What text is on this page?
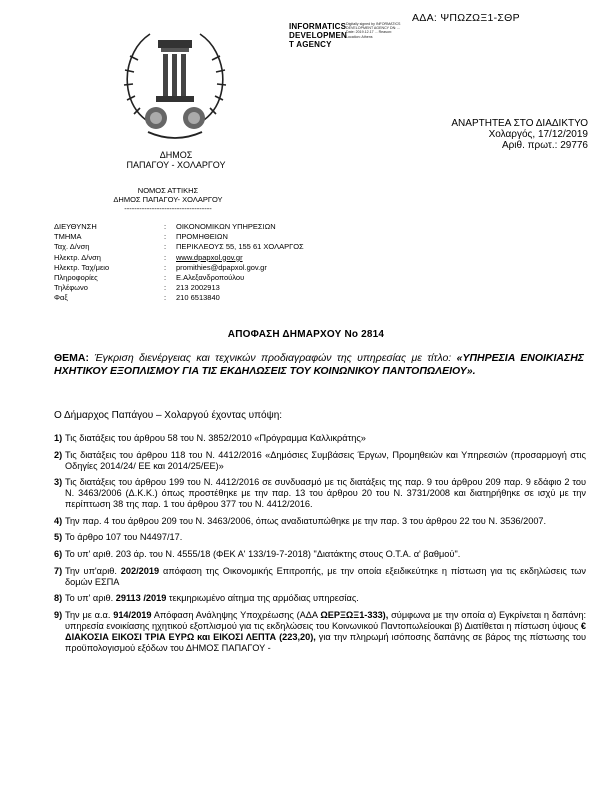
ΑΔΑ: ΨΠΩΖΩΞ1-ΣΘΡ
INFORMATICS
DEVELOPMEN
T AGENCY
Digitally signed by INFORMATICS DEVELOPMENT AGENCY DN: ... Date: 2019.12.17 ... Reason: Location: Athens
ΔΗΜΟΣ
ΠΑΠΑΓΟΥ - ΧΟΛΑΡΓΟΥ
ΑΝΑΡΤΗΤΕΑ ΣΤΟ ΔΙΑΔΙΚΤΥΟ
Χολαργός, 17/12/2019
Αριθ. πρωτ.: 29776
ΝΟΜΟΣ ΑΤΤΙΚΗΣ
ΔΗΜΟΣ ΠΑΠΑΓΟΥ- ΧΟΛΑΡΓΟΥ
-----------------------------------
ΔΙΕΥΘΥΝΣΗ	:	ΟΙΚΟΝΟΜΙΚΩΝ ΥΠΗΡΕΣΙΩΝ
ΤΜΗΜΑ	:	ΠΡΟΜΗΘΕΙΩΝ
Ταχ. Δ/νση	:	ΠΕΡΙΚΛΕΟΥΣ 55, 155 61 ΧΟΛΑΡΓΟΣ
Ηλεκτρ. Δ/νση	:	www.dpapxol.gov.gr
Ηλεκτρ. Ταχ/μειο	:	promithies@dpapxol.gov.gr
Πληροφορίες	:	Ε.Αλεξανδροπούλου
Τηλέφωνο	:	213 2002913
Φαξ	:	210 6513840
ΑΠΟΦΑΣΗ ΔΗΜΑΡΧΟΥ Νο 2814
ΘΕΜΑ: Έγκριση διενέργειας και τεχνικών προδιαγραφών της υπηρεσίας με τίτλο: «ΥΠΗΡΕΣΙΑ ΕΝΟΙΚΙΑΣΗΣ ΗΧΗΤΙΚΟΥ ΕΞΟΠΛΙΣΜΟΥ ΓΙΑ ΤΙΣ ΕΚΔΗΛΩΣΕΙΣ ΤΟΥ ΚΟΙΝΩΝΙΚΟΥ ΠΑΝΤΟΠΩΛΕΙΟΥ».
Ο Δήμαρχος Παπάγου – Χολαργού έχοντας υπόψη:
1) Τις διατάξεις του άρθρου 58 του Ν. 3852/2010 «Πρόγραμμα Καλλικράτης»
2) Τις διατάξεις του άρθρου 118 του Ν. 4412/2016 «Δημόσιες Συμβάσεις Έργων, Προμηθειών και Υπηρεσιών (προσαρμογή στις Οδηγίες 2014/24/ ΕΕ και 2014/25/ΕΕ)»
3) Τις διατάξεις του άρθρου 199 του Ν. 4412/2016 σε συνδυασμό με τις διατάξεις της παρ. 9 του άρθρου 209 παρ. 9 εδάφιο 2 του Ν. 3463/2006 (Δ.Κ.Κ.) όπως προστέθηκε με την παρ. 13 του άρθρου 20 του Ν. 3731/2008 και διατηρήθηκε σε ισχύ με την περίπτωση 38 της παρ. 1 του άρθρου 377 του Ν. 4412/2016.
4) Την παρ. 4 του άρθρου 209 του Ν. 3463/2006, όπως αναδιατυπώθηκε με την παρ. 3 του άρθρου 22 του Ν. 3536/2007.
5) Το άρθρο 107 του Ν4497/17.
6) Το υπ' αριθ. 203 άρ. του Ν. 4555/18 (ΦΕΚ Α' 133/19-7-2018) "Διατάκτης στους Ο.Τ.Α. α' βαθμού".
7) Την υπ'αριθ. 202/2019 απόφαση της Οικονομικής Επιτροπής, με την οποία εξειδικεύτηκε η πίστωση για τις εκδηλώσεις των δομών ΕΣΠΑ
8) Το υπ' αριθ. 29113 /2019 τεκμηριωμένο αίτημα της αρμόδιας υπηρεσίας.
9) Την με α.α. 914/2019 Απόφαση Ανάληψης Υποχρέωσης (ΑΔΑ ΩΕΡΞΩΞ1-333), σύμφωνα με την οποία α) Εγκρίνεται η δαπάνη: υπηρεσία ενοικίασης ηχητικού εξοπλισμού για τις εκδηλώσεις του Κοινωνικού Παντοπωλείουκαι β) Διατίθεται η πίστωση ύψους € ΔΙΑΚΟΣΙΑ ΕΙΚΟΣΙ ΤΡΙΑ ΕΥΡΩ και ΕΙΚΟΣΙ ΛΕΠΤΑ (223,20), για την πληρωμή ισόποσης δαπάνης σε βάρος της πίστωσης του προϋπολογισμού εξόδων του ΔΗΜΟΣ ΠΑΠΑΓΟΥ -
